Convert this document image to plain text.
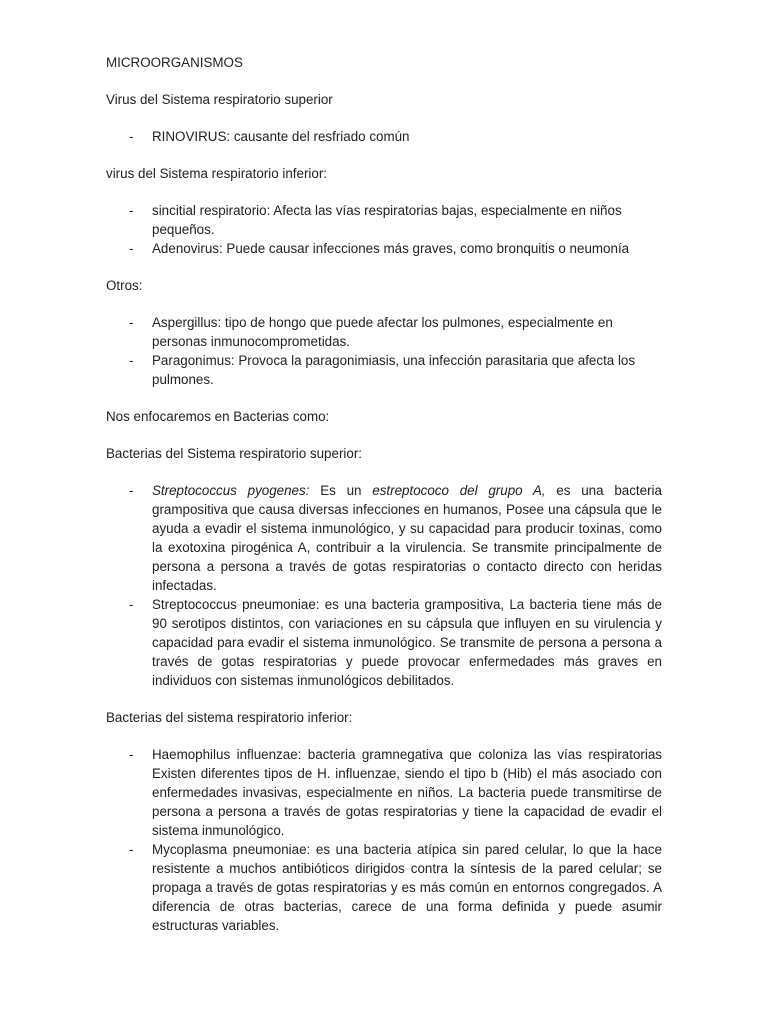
MICROORGANISMOS

Virus del Sistema respiratorio superior

- RINOVIRUS: causante del resfriado común

virus del Sistema respiratorio inferior:

- sincitial respiratorio: Afecta las vías respiratorias bajas, especialmente en niños pequeños.
- Adenovirus: Puede causar infecciones más graves, como bronquitis o neumonía

Otros:

- Aspergillus: tipo de hongo que puede afectar los pulmones, especialmente en personas inmunocomprometidas.
- Paragonimus: Provoca la paragonimiasis, una infección parasitaria que afecta los pulmones.

Nos enfocaremos en Bacterias como:

Bacterias del Sistema respiratorio superior:

- Streptococcus pyogenes: Es un estreptococo del grupo A, es una bacteria grampositiva que causa diversas infecciones en humanos, Posee una cápsula que le ayuda a evadir el sistema inmunológico, y su capacidad para producir toxinas, como la exotoxina pirogénica A, contribuir a la virulencia. Se transmite principalmente de persona a persona a través de gotas respiratorias o contacto directo con heridas infectadas.
- Streptococcus pneumoniae: es una bacteria grampositiva, La bacteria tiene más de 90 serotipos distintos, con variaciones en su cápsula que influyen en su virulencia y capacidad para evadir el sistema inmunológico. Se transmite de persona a persona a través de gotas respiratorias y puede provocar enfermedades más graves en individuos con sistemas inmunológicos debilitados.

Bacterias del sistema respiratorio inferior:

- Haemophilus influenzae: bacteria gramnegativa que coloniza las vías respiratorias Existen diferentes tipos de H. influenzae, siendo el tipo b (Hib) el más asociado con enfermedades invasivas, especialmente en niños. La bacteria puede transmitirse de persona a persona a través de gotas respiratorias y tiene la capacidad de evadir el sistema inmunológico.
- Mycoplasma pneumoniae: es una bacteria atípica sin pared celular, lo que la hace resistente a muchos antibióticos dirigidos contra la síntesis de la pared celular; se propaga a través de gotas respiratorias y es más común en entornos congregados. A diferencia de otras bacterias, carece de una forma definida y puede asumir estructuras variables.
